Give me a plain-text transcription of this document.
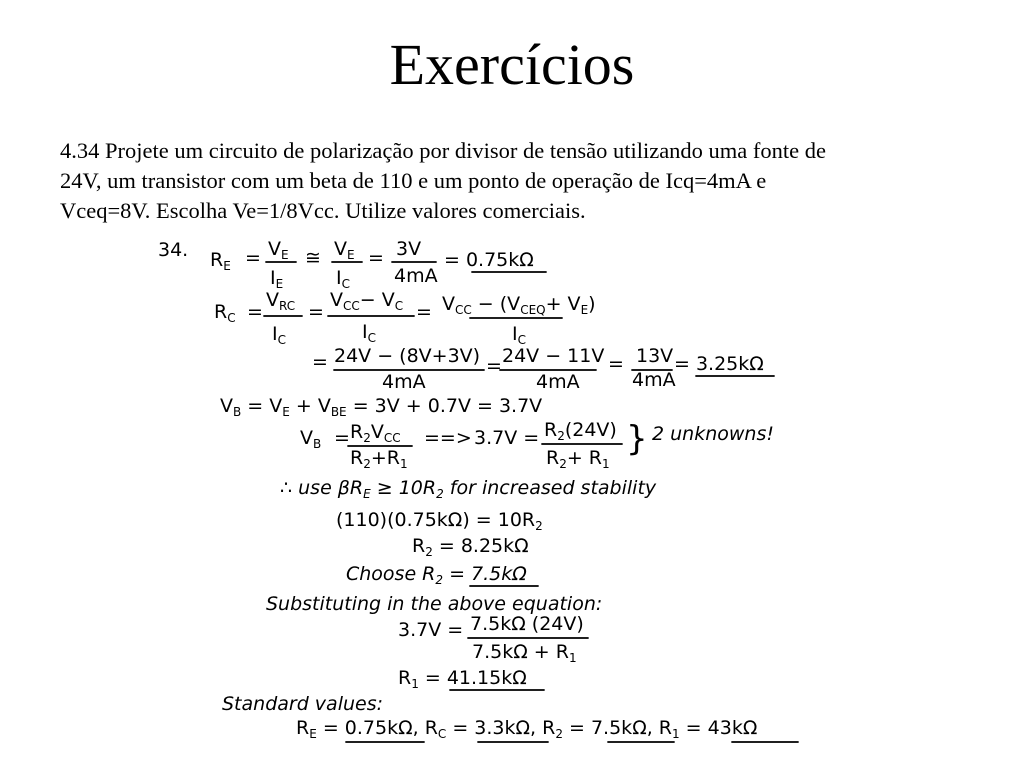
Exercícios
4.34 Projete um circuito de polarização por divisor de tensão utilizando uma fonte de
24V, um transistor com um beta de 110 e um ponto de operação de Icq=4mA e
Vceq=8V. Escolha Ve=1/8Vcc. Utilize valores comerciais.
34. $R_E = V_E$
$I_E$
≅ $V_E$
$I_C$
= 3V
4mA
= 0.75kΩ
$R_C$ =
$V_{RC}$
$I_C$
=
$V_{CC}- V_C$
$I_C$
= $V_{CC} - (V_{CEQ}+ V_E)$
$I_C$
= 24V − (8V+3V)
4mA
= 24V − 11V
4mA
= 13V
4mA
= 3.25kΩ
$V_B = V_E + V_{BE} = 3V + 0.7V = 3.7V$
$V_B = R_2V_{CC}$
$R_2+R_1$
==> $3.7V = R_2(24V)$
$R_2+ R_1$
} 2 unknowns!
∴ use $\beta R_E \ge 10R_2$ for increased stability
$(110)(0.75k\Omega) = 10R_2$
$R_2 = 8.25k\Omega$
Choose $R_2 = 7.5k\Omega$
Substituting in the above equation:
3.7V = 7.5kΩ (24V)
$7.5k\Omega + R_1$
$R_1 = 41.15k\Omega$
Standard values:
$R_E = 0.75k\Omega$, $R_C = 3.3k\Omega$, $R_2 = 7.5k\Omega$, $R_1 = 43k\Omega$
